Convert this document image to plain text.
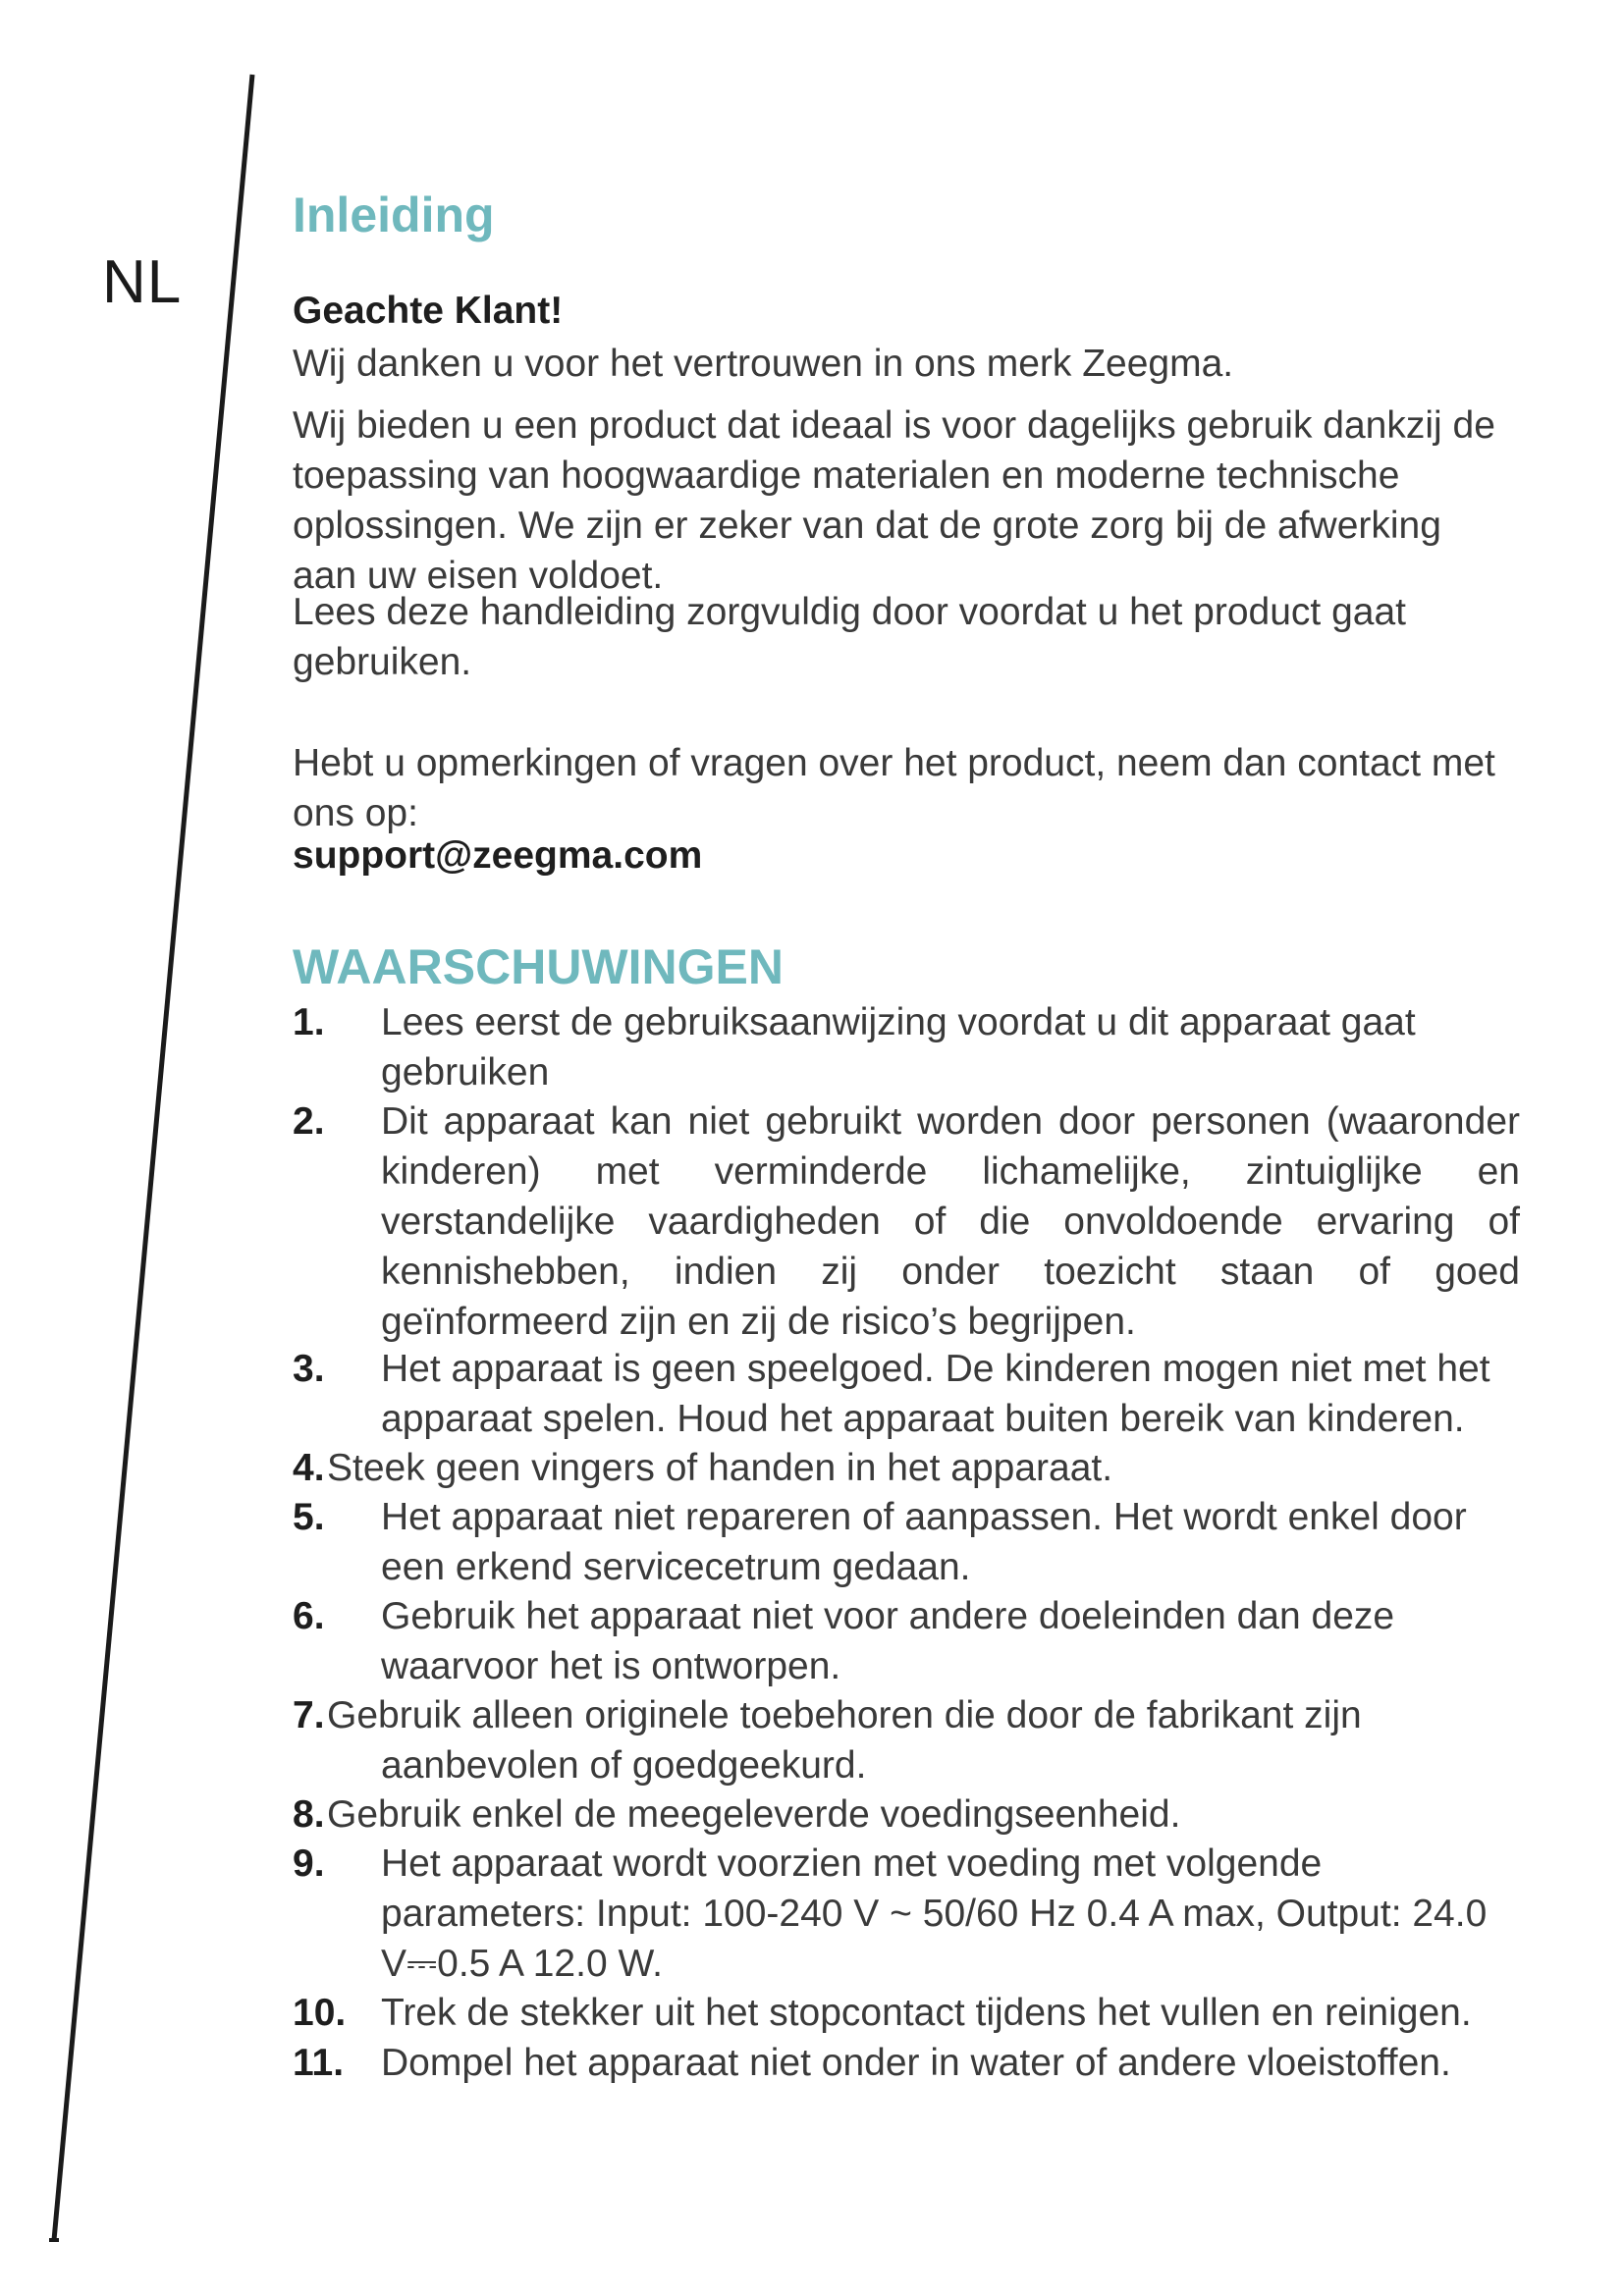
NL
Inleiding
Geachte Klant!

Wij danken u voor het vertrouwen in ons merk Zeegma.

Wij bieden u een product dat ideaal is voor dagelijks gebruik dankzij de toepassing van hoogwaardige materialen en moderne technische oplossingen. We zijn er zeker van dat de grote zorg bij de afwerking aan uw eisen voldoet.

Lees deze handleiding zorgvuldig door voordat u het product gaat gebruiken.

Hebt u opmerkingen of vragen over het product, neem dan contact met ons op:

support@zeegma.com
WAARSCHUWINGEN
1.	Lees eerst de gebruiksaanwijzing voordat u dit apparaat gaat gebruiken
2.	Dit apparaat kan niet gebruikt worden door personen (waaronder kinderen) met verminderde lichamelijke, zintuiglijke en verstandelijke vaardigheden of die onvoldoende ervaring of kennishebben, indien zij onder toezicht staan of goed geïnformeerd zijn en zij de risico’s begrijpen.
3.	Het apparaat is geen speelgoed. De kinderen mogen niet met het apparaat spelen. Houd het apparaat buiten bereik van kinderen.
4. Steek geen vingers of handen in het apparaat.
5.	Het apparaat niet repareren of aanpassen. Het wordt enkel door een erkend servicecetrum gedaan.
6.	Gebruik het apparaat niet voor andere doeleinden dan deze waarvoor het is ontworpen.
7. Gebruik alleen originele toebehoren die door de fabrikant zijn aanbevolen of goedgeekurd.
8. Gebruik enkel de meegeleverde voedingseenheid.
9.	Het apparaat wordt voorzien met voeding met volgende parameters: Input: 100-240 V ~ 50/60 Hz 0.4 A max, Output: 24.0 V⎓0.5 A 12.0 W.
10. Trek de stekker uit het stopcontact tijdens het vullen en reinigen.
11. Dompel het apparaat niet onder in water of andere vloeistoffen.
